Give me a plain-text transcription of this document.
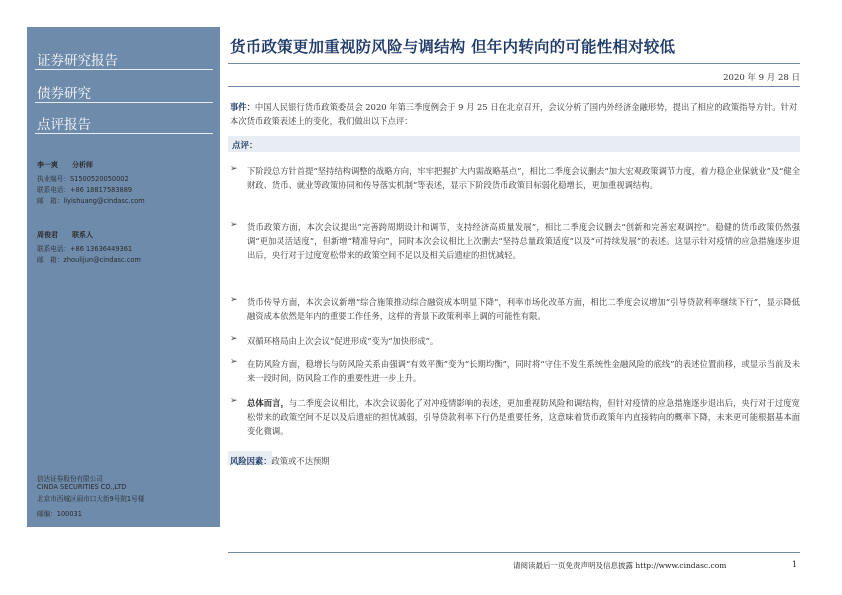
证券研究报告
债券研究
点评报告
李一爽　　分析师
执业编号：S1500520050002
联系电话：+86 18817583889
邮　箱：liyishuang@cindasc.com
周俊君　　联系人
联系电话：+86 13636449361
邮　箱：zhoulijun@cindasc.com
信达证券股份有限公司
CINDA SECURITIES CO.,LTD
北京市西城区闹市口大街9号院1号楼
邮编：100031
货币政策更加重视防风险与调结构 但年内转向的可能性相对较低
2020 年 9 月 28 日
事件：中国人民银行货币政策委员会 2020 年第三季度例会于 9 月 25 日在北京召开，会议分析了国内外经济金融形势，提出了相应的政策指导方针。针对本次货币政策表述上的变化，我们做出以下点评：
点评：
➢ 下阶段总方针首提“坚持结构调整的战略方向，牢牢把握扩大内需战略基点”，相比二季度会议删去“加大宏观政策调节力度，着力稳企业保就业”及“健全财政、货币、就业等政策协同和传导落实机制”等表述，显示下阶段货币政策目标弱化稳增长，更加重视调结构。
➢ 货币政策方面，本次会议提出“完善跨周期设计和调节，支持经济高质量发展”，相比二季度会议删去“创新和完善宏观调控”。稳健的货币政策仍然强调“更加灵活适度”，但新增“精准导向”，同时本次会议相比上次删去“坚持总量政策适度”以及“可持续发展”的表述。这显示针对疫情的应急措施逐步退出后，央行对于过度宽松带来的政策空间不足以及相关后遗症的担忧减轻。
➢ 货币传导方面，本次会议新增“综合施策推动综合融资成本明显下降”，利率市场化改革方面，相比二季度会议增加“引导贷款利率继续下行”，显示降低融资成本依然是年内的重要工作任务，这样的背景下政策利率上调的可能性有限。
➢ 双循环格局由上次会议“促进形成”变为“加快形成”。
➢ 在防风险方面，稳增长与防风险关系由强调“有效平衡”变为“长期均衡”，同时将“守住不发生系统性金融风险的底线”的表述位置前移，或显示当前及未来一段时间，防风险工作的重要性进一步上升。
➢ 总体而言，与二季度会议相比，本次会议弱化了对冲疫情影响的表述，更加重视防风险和调结构，但针对疫情的应急措施逐步退出后，央行对于过度宽松带来的政策空间不足以及后遗症的担忧减弱，引导贷款利率下行仍是重要任务，这意味着货币政策年内直接转向的概率下降，未来更可能根据基本面变化微调。
风险因素：政策或不达预期
请阅读最后一页免责声明及信息披露 http://www.cindasc.com	1
